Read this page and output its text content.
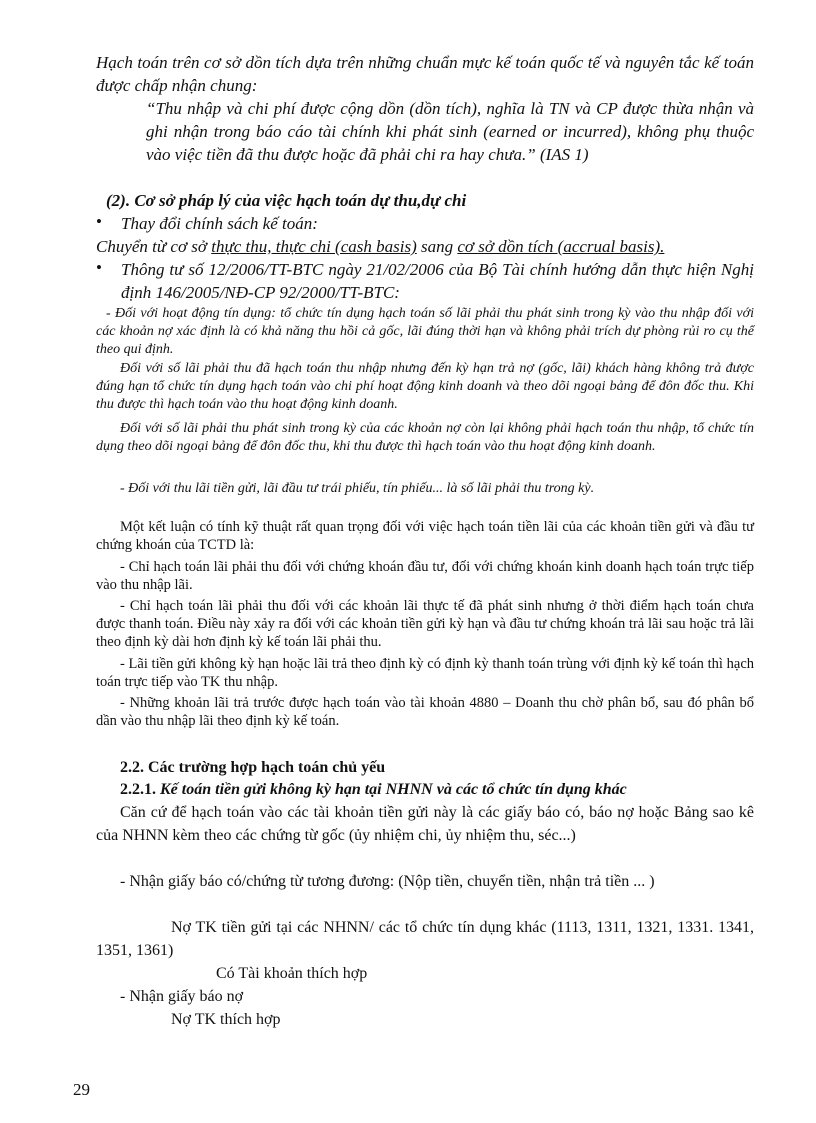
Hạch toán trên cơ sở dồn tích dựa trên những chuẩn mực kế toán quốc tế và nguyên tắc kế toán được chấp nhận chung:

“Thu nhập và chi phí được cộng dồn (dồn tích), nghĩa là TN và CP được thừa nhận và ghi nhận trong báo cáo tài chính khi phát sinh (earned or incurred), không phụ thuộc vào việc tiền đã thu được hoặc đã phải chi ra hay chưa.” (IAS 1)

(2). Cơ sở pháp lý của việc hạch toán dự thu,dự chi

• Thay đổi chính sách kế toán:

Chuyển từ cơ sở thực thu, thực chi (cash basis) sang cơ sở dồn tích (accrual basis).

• Thông tư số 12/2006/TT-BTC ngày 21/02/2006 của Bộ Tài chính hướng dẫn thực hiện Nghị định 146/2005/NĐ-CP 92/2000/TT-BTC:

- Đối với hoạt động tín dụng: tổ chức tín dụng hạch toán số lãi phải thu phát sinh trong kỳ vào thu nhập đối với các khoản nợ xác định là có khả năng thu hồi cả gốc, lãi đúng thời hạn và không phải trích dự phòng rủi ro cụ thể theo qui định.

Đối với số lãi phải thu đã hạch toán thu nhập nhưng đến kỳ hạn trả nợ (gốc, lãi) khách hàng không trả được đúng hạn tổ chức tín dụng hạch toán vào chi phí hoạt động kinh doanh và theo dõi ngoại bảng để đôn đốc thu. Khi thu được thì hạch toán vào thu hoạt động kinh doanh.

Đối với số lãi phải thu phát sinh trong kỳ của các khoản nợ còn lại không phải hạch toán thu nhập, tổ chức tín dụng theo dõi ngoại bảng để đôn đốc thu, khi thu được thì hạch toán vào thu hoạt động kinh doanh.

- Đối với thu lãi tiền gửi, lãi đầu tư trái phiếu, tín phiếu... là số lãi phải thu trong kỳ.

Một kết luận có tính kỹ thuật rất quan trọng đối với việc hạch toán tiền lãi của các khoản tiền gửi và đầu tư chứng khoán của TCTD là:

- Chỉ hạch toán lãi phải thu đối với chứng khoán đầu tư, đối với chứng khoán kinh doanh hạch toán trực tiếp vào thu nhập lãi.

- Chỉ hạch toán lãi phải thu đối với các khoản lãi thực tế đã phát sinh nhưng ở thời điểm hạch toán chưa được thanh toán. Điều này xảy ra đối với các khoản tiền gửi kỳ hạn và đầu tư chứng khoán trả lãi sau hoặc trả lãi theo định kỳ dài hơn định kỳ kế toán lãi phải thu.

- Lãi tiền gửi không kỳ hạn hoặc lãi trả theo định kỳ có định kỳ thanh toán trùng với định kỳ kế toán thì hạch toán trực tiếp vào TK thu nhập.

- Những khoản lãi trả trước được hạch toán vào tài khoản 4880 – Doanh thu chờ phân bổ, sau đó phân bổ dần vào thu nhập lãi theo định kỳ kế toán.

2.2. Các trường hợp hạch toán chủ yếu

2.2.1. Kế toán tiền gửi không kỳ hạn tại NHNN và các tổ chức tín dụng khác

Căn cứ để hạch toán vào các tài khoản tiền gửi này là các giấy báo có, báo nợ hoặc Bảng sao kê của NHNN kèm theo các chứng từ gốc (ủy nhiệm chi, ủy nhiệm thu, séc...)

- Nhận giấy báo có/chứng từ tương đương: (Nộp tiền, chuyển tiền, nhận trả tiền ... )

Nợ TK tiền gửi tại các NHNN/ các tổ chức tín dụng khác (1113, 1311, 1321, 1331. 1341, 1351, 1361)

Có Tài khoản thích hợp

- Nhận giấy báo nợ

Nợ TK thích hợp

29
